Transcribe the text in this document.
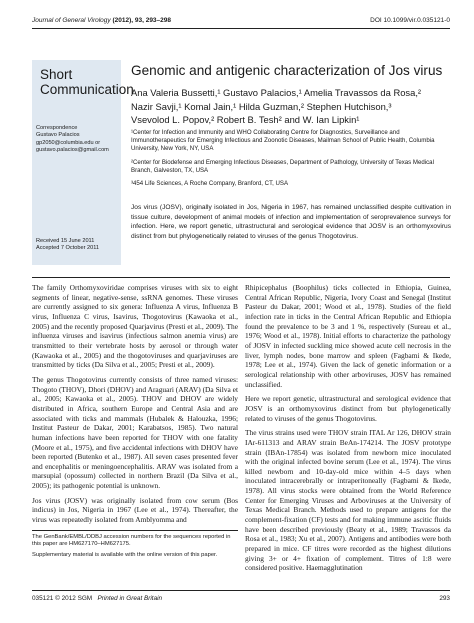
Journal of General Virology (2012), 93, 293–298	DOI 10.1099/vir.0.035121-0
Short
Communication
Correspondence
Gustavo Palacios
gp2050@columbia.edu or
gustavo.palacios@gmail.com
Received 15 June 2011
Accepted 7 October 2011
Genomic and antigenic characterization of Jos virus
Ana Valeria Bussetti,¹ Gustavo Palacios,¹ Amelia Travassos da Rosa,²
Nazir Savji,¹ Komal Jain,¹ Hilda Guzman,² Stephen Hutchison,³
Vsevolod L. Popov,² Robert B. Tesh² and W. Ian Lipkin¹
¹Center for Infection and Immunity and WHO Collaborating Centre for Diagnostics, Surveillance and Immunotherapeutics for Emerging Infectious and Zoonotic Diseases, Mailman School of Public Health, Columbia University, New York, NY, USA
²Center for Biodefense and Emerging Infectious Diseases, Department of Pathology, University of Texas Medical Branch, Galveston, TX, USA
³454 Life Sciences, A Roche Company, Branford, CT, USA
Jos virus (JOSV), originally isolated in Jos, Nigeria in 1967, has remained unclassified despite cultivation in tissue culture, development of animal models of infection and implementation of seroprevalence surveys for infection. Here, we report genetic, ultrastructural and serological evidence that JOSV is an orthomyxovirus distinct from but phylogenetically related to viruses of the genus Thogotovirus.

The family Orthomyxoviridae comprises viruses with six to eight segments of linear, negative-sense, ssRNA genomes. These viruses are currently assigned to six genera: Influenza A virus, Influenza B virus, Influenza C virus, Isavirus, Thogotovirus (Kawaoka et al., 2005) and the recently proposed Quarjavirus (Presti et al., 2009). The influenza viruses and isavirus (infectious salmon anemia virus) are transmitted to their vertebrate hosts by aerosol or through water (Kawaoka et al., 2005) and the thogotoviruses and quarjaviruses are transmitted by ticks (Da Silva et al., 2005; Presti et al., 2009).

The genus Thogotovirus currently consists of three named viruses: Thogoto (THOV), Dhori (DHOV) and Araguari (ARAV) (Da Silva et al., 2005; Kawaoka et al., 2005). THOV and DHOV are widely distributed in Africa, southern Europe and Central Asia and are associated with ticks and mammals (Hubalek & Halouzka, 1996; Institut Pasteur de Dakar, 2001; Karabatsos, 1985). Two natural human infections have been reported for THOV with one fatality (Moore et al., 1975), and five accidental infections with DHOV have been reported (Butenko et al., 1987). All seven cases presented fever and encephalitis or meningoencephalitis. ARAV was isolated from a marsupial (opossum) collected in northern Brazil (Da Silva et al., 2005); its pathogenic potential is unknown.

Jos virus (JOSV) was originally isolated from cow serum (Bos indicus) in Jos, Nigeria in 1967 (Lee et al., 1974). Thereafter, the virus was repeatedly isolated from Amblyomma and

The GenBank/EMBL/DDBJ accession numbers for the sequences reported in this paper are HM627170–HM627175.
Supplementary material is available with the online version of this paper.

Rhipicephalus (Boophilus) ticks collected in Ethiopia, Guinea, Central African Republic, Nigeria, Ivory Coast and Senegal (Institut Pasteur du Dakar, 2001; Wood et al., 1978). Studies of the field infection rate in ticks in the Central African Republic and Ethiopia found the prevalence to be 3 and 1 %, respectively (Sureau et al., 1976; Wood et al., 1978). Initial efforts to characterize the pathology of JOSV in infected suckling mice showed acute cell necrosis in the liver, lymph nodes, bone marrow and spleen (Fagbami & Ikede, 1978; Lee et al., 1974). Given the lack of genetic information or a serological relationship with other arboviruses, JOSV has remained unclassified.

Here we report genetic, ultrastructural and serological evidence that JOSV is an orthomyxovirus distinct from but phylogenetically related to viruses of the genus Thogotovirus.

The virus strains used were THOV strain ITAL Ar 126, DHOV strain IAr-611313 and ARAV strain BeAn-174214. The JOSV prototype strain (IBAn-17854) was isolated from newborn mice inoculated with the original infected bovine serum (Lee et al., 1974). The virus killed newborn and 10-day-old mice within 4–5 days when inoculated intracerebrally or intraperitoneally (Fagbami & Ikede, 1978). All virus stocks were obtained from the World Reference Center for Emerging Viruses and Arboviruses at the University of Texas Medical Branch. Methods used to prepare antigens for the complement-fixation (CF) tests and for making immune ascitic fluids have been described previously (Beaty et al., 1989; Travassos da Rosa et al., 1983; Xu et al., 2007). Antigens and antibodies were both prepared in mice. CF titres were recorded as the highest dilutions giving 3+ or 4+ fixation of complement. Titres of 1:8 were considered positive. Haemagglutination

035121 © 2012 SGM Printed in Great Britain	293
